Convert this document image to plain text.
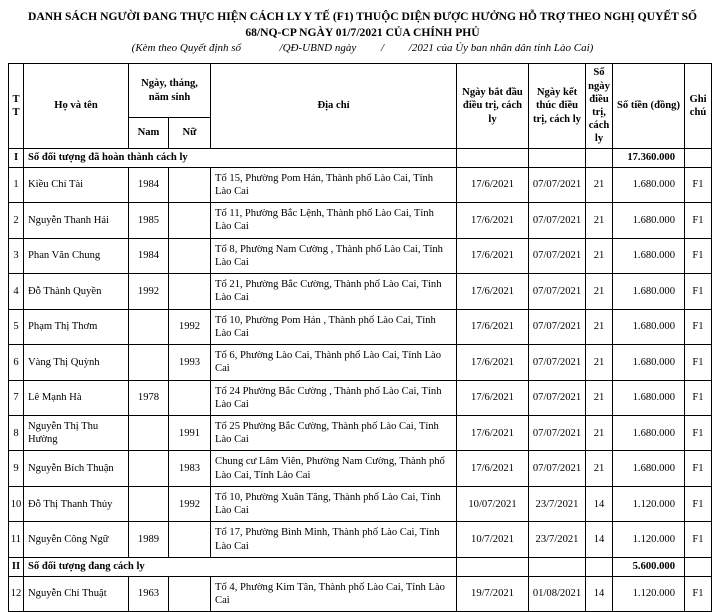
DANH SÁCH NGƯỜI ĐANG THỰC HIỆN CÁCH LY Y TẾ (F1) THUỘC DIỆN ĐƯỢC HƯỞNG HỖ TRỢ THEO NGHỊ QUYẾT SỐ 68/NQ-CP NGÀY 01/7/2021 CỦA CHÍNH PHỦ
(Kèm theo Quyết định số              /QĐ-UBND ngày         /         /2021 của Ủy ban nhân dân tỉnh Lào Cai)
TT	Họ và tên	Ngày, tháng, năm sinh		Địa chỉ	Ngày bắt đầu điều trị, cách ly	Ngày kết thúc điều trị, cách ly	Số ngày điều trị, cách ly	Số tiền (đồng)	Ghi chú
		Nam	Nữ						
I	Số đối tượng đã hoàn thành cách ly							17.360.000	
1	Kiều Chí Tài	1984		Tổ 15, Phường Pom Hán, Thành phố Lào Cai, Tỉnh Lào Cai	17/6/2021	07/07/2021	21	1.680.000	F1
2	Nguyễn Thanh Hải	1985		Tổ 11, Phường Bắc Lệnh, Thành phố Lào Cai, Tỉnh Lào Cai	17/6/2021	07/07/2021	21	1.680.000	F1
3	Phan Văn Chung	1984		Tổ 8, Phường Nam Cường , Thành phố Lào Cai, Tỉnh Lào Cai	17/6/2021	07/07/2021	21	1.680.000	F1
4	Đỗ Thành Quyền	1992		Tổ 21, Phường Bắc Cường, Thành phố Lào Cai, Tỉnh Lào Cai	17/6/2021	07/07/2021	21	1.680.000	F1
5	Phạm Thị Thơm		1992	Tổ 10, Phường Pom Hán , Thành phố Lào Cai, Tỉnh Lào Cai	17/6/2021	07/07/2021	21	1.680.000	F1
6	Vàng Thị Quỳnh		1993	Tổ 6, Phường Lào Cai, Thành phố Lào Cai, Tỉnh Lào Cai	17/6/2021	07/07/2021	21	1.680.000	F1
7	Lê Mạnh Hà	1978		Tổ 24 Phường Bắc Cường , Thành phố Lào Cai, Tỉnh Lào Cai	17/6/2021	07/07/2021	21	1.680.000	F1
8	Nguyễn Thị Thu Hường		1991	Tổ 25 Phường Bắc Cường, Thành phố Lào Cai, Tỉnh Lào Cai	17/6/2021	07/07/2021	21	1.680.000	F1
9	Nguyễn Bích Thuận		1983	Chung cư Lâm Viên, Phường Nam Cường, Thành phố Lào Cai, Tỉnh Lào Cai	17/6/2021	07/07/2021	21	1.680.000	F1
10	Đỗ Thị Thanh Thủy		1992	Tổ 10, Phường Xuân Tăng, Thành phố Lào Cai, Tỉnh Lào Cai	10/07/2021	23/7/2021	14	1.120.000	F1
11	Nguyễn Công Ngữ	1989		Tổ 17, Phường Bình Minh, Thành phố Lào Cai, Tỉnh Lào Cai	10/7/2021	23/7/2021	14	1.120.000	F1
II	Số đối tượng đang cách ly							5.600.000	
12	Nguyễn Chí Thuật	1963		Tổ 4, Phường Kim Tân, Thành phố Lào Cai, Tỉnh Lào Cai	19/7/2021	01/08/2021	14	1.120.000	F1
